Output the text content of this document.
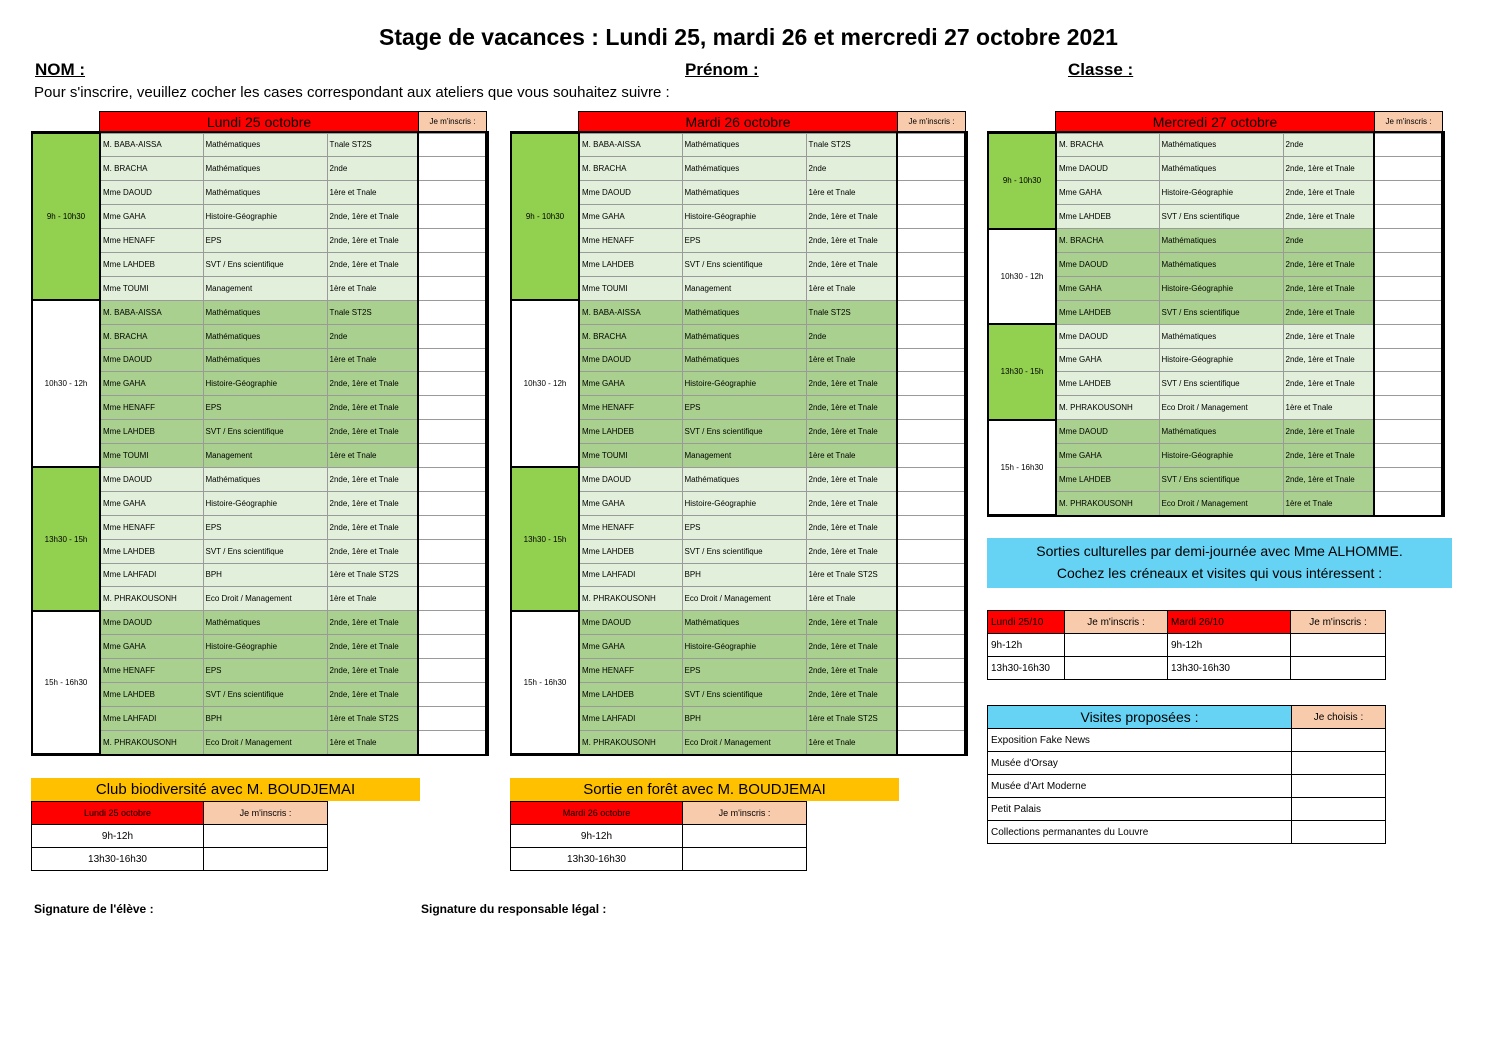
Stage de vacances : Lundi 25, mardi 26 et mercredi 27 octobre 2021
NOM :	Prénom :	Classe :
Pour s'inscrire, veuillez cocher les cases correspondant aux ateliers que vous souhaitez suivre :
Lundi 25 octobre	Je m'inscris :
9h - 10h30	M. BABA-AISSA	Mathématiques	Tnale ST2S	
	M. BRACHA	Mathématiques	2nde	
	Mme DAOUD	Mathématiques	1ère et Tnale	
	Mme GAHA	Histoire-Géographie	2nde, 1ère et Tnale	
	Mme HENAFF	EPS	2nde, 1ère et Tnale	
	Mme LAHDEB	SVT / Ens scientifique	2nde, 1ère et Tnale	
	Mme TOUMI	Management	1ère et Tnale	
10h30 - 12h	M. BABA-AISSA	Mathématiques	Tnale ST2S	
	M. BRACHA	Mathématiques	2nde	
	Mme DAOUD	Mathématiques	1ère et Tnale	
	Mme GAHA	Histoire-Géographie	2nde, 1ère et Tnale	
	Mme HENAFF	EPS	2nde, 1ère et Tnale	
	Mme LAHDEB	SVT / Ens scientifique	2nde, 1ère et Tnale	
	Mme TOUMI	Management	1ère et Tnale	
13h30 - 15h	Mme DAOUD	Mathématiques	2nde, 1ère et Tnale	
	Mme GAHA	Histoire-Géographie	2nde, 1ère et Tnale	
	Mme HENAFF	EPS	2nde, 1ère et Tnale	
	Mme LAHDEB	SVT / Ens scientifique	2nde, 1ère et Tnale	
	Mme LAHFADI	BPH	1ère et Tnale ST2S	
	M. PHRAKOUSONH	Eco Droit / Management	1ère et Tnale	
15h - 16h30	Mme DAOUD	Mathématiques	2nde, 1ère et Tnale	
	Mme GAHA	Histoire-Géographie	2nde, 1ère et Tnale	
	Mme HENAFF	EPS	2nde, 1ère et Tnale	
	Mme LAHDEB	SVT / Ens scientifique	2nde, 1ère et Tnale	
	Mme LAHFADI	BPH	1ère et Tnale ST2S	
	M. PHRAKOUSONH	Eco Droit / Management	1ère et Tnale	
Mardi 26 octobre	Je m'inscris :
9h - 10h30	M. BABA-AISSA	Mathématiques	Tnale ST2S	
	M. BRACHA	Mathématiques	2nde	
	Mme DAOUD	Mathématiques	1ère et Tnale	
	Mme GAHA	Histoire-Géographie	2nde, 1ère et Tnale	
	Mme HENAFF	EPS	2nde, 1ère et Tnale	
	Mme LAHDEB	SVT / Ens scientifique	2nde, 1ère et Tnale	
	Mme TOUMI	Management	1ère et Tnale	
10h30 - 12h	M. BABA-AISSA	Mathématiques	Tnale ST2S	
	M. BRACHA	Mathématiques	2nde	
	Mme DAOUD	Mathématiques	1ère et Tnale	
	Mme GAHA	Histoire-Géographie	2nde, 1ère et Tnale	
	Mme HENAFF	EPS	2nde, 1ère et Tnale	
	Mme LAHDEB	SVT / Ens scientifique	2nde, 1ère et Tnale	
	Mme TOUMI	Management	1ère et Tnale	
13h30 - 15h	Mme DAOUD	Mathématiques	2nde, 1ère et Tnale	
	Mme GAHA	Histoire-Géographie	2nde, 1ère et Tnale	
	Mme HENAFF	EPS	2nde, 1ère et Tnale	
	Mme LAHDEB	SVT / Ens scientifique	2nde, 1ère et Tnale	
	Mme LAHFADI	BPH	1ère et Tnale ST2S	
	M. PHRAKOUSONH	Eco Droit / Management	1ère et Tnale	
15h - 16h30	Mme DAOUD	Mathématiques	2nde, 1ère et Tnale	
	Mme GAHA	Histoire-Géographie	2nde, 1ère et Tnale	
	Mme HENAFF	EPS	2nde, 1ère et Tnale	
	Mme LAHDEB	SVT / Ens scientifique	2nde, 1ère et Tnale	
	Mme LAHFADI	BPH	1ère et Tnale ST2S	
	M. PHRAKOUSONH	Eco Droit / Management	1ère et Tnale	
Mercredi 27 octobre	Je m'inscris :
9h - 10h30	M. BRACHA	Mathématiques	2nde	
	Mme DAOUD	Mathématiques	2nde, 1ère et Tnale	
	Mme GAHA	Histoire-Géographie	2nde, 1ère et Tnale	
	Mme LAHDEB	SVT / Ens scientifique	2nde, 1ère et Tnale	
10h30 - 12h	M. BRACHA	Mathématiques	2nde	
	Mme DAOUD	Mathématiques	2nde, 1ère et Tnale	
	Mme GAHA	Histoire-Géographie	2nde, 1ère et Tnale	
	Mme LAHDEB	SVT / Ens scientifique	2nde, 1ère et Tnale	
13h30 - 15h	Mme DAOUD	Mathématiques	2nde, 1ère et Tnale	
	Mme GAHA	Histoire-Géographie	2nde, 1ère et Tnale	
	Mme LAHDEB	SVT / Ens scientifique	2nde, 1ère et Tnale	
	M. PHRAKOUSONH	Eco Droit / Management	1ère et Tnale	
15h - 16h30	Mme DAOUD	Mathématiques	2nde, 1ère et Tnale	
	Mme GAHA	Histoire-Géographie	2nde, 1ère et Tnale	
	Mme LAHDEB	SVT / Ens scientifique	2nde, 1ère et Tnale	
	M. PHRAKOUSONH	Eco Droit / Management	1ère et Tnale	
Club biodiversité avec M. BOUDJEMAI
Lundi 25 octobre	Je m'inscris :
9h-12h	
13h30-16h30	
Sortie en forêt avec M. BOUDJEMAI
Mardi 26 octobre	Je m'inscris :
9h-12h	
13h30-16h30	
Sorties culturelles par demi-journée avec Mme ALHOMME.
Cochez les créneaux et visites qui vous intéressent :
Lundi 25/10	Je m'inscris :	Mardi 26/10	Je m'inscris :
9h-12h		9h-12h	
13h30-16h30		13h30-16h30	
Visites proposées :	Je choisis :
Exposition Fake News	
Musée d'Orsay	
Musée d'Art Moderne	
Petit Palais	
Collections permanantes du Louvre	
Signature de l'élève :	Signature du responsable légal :
